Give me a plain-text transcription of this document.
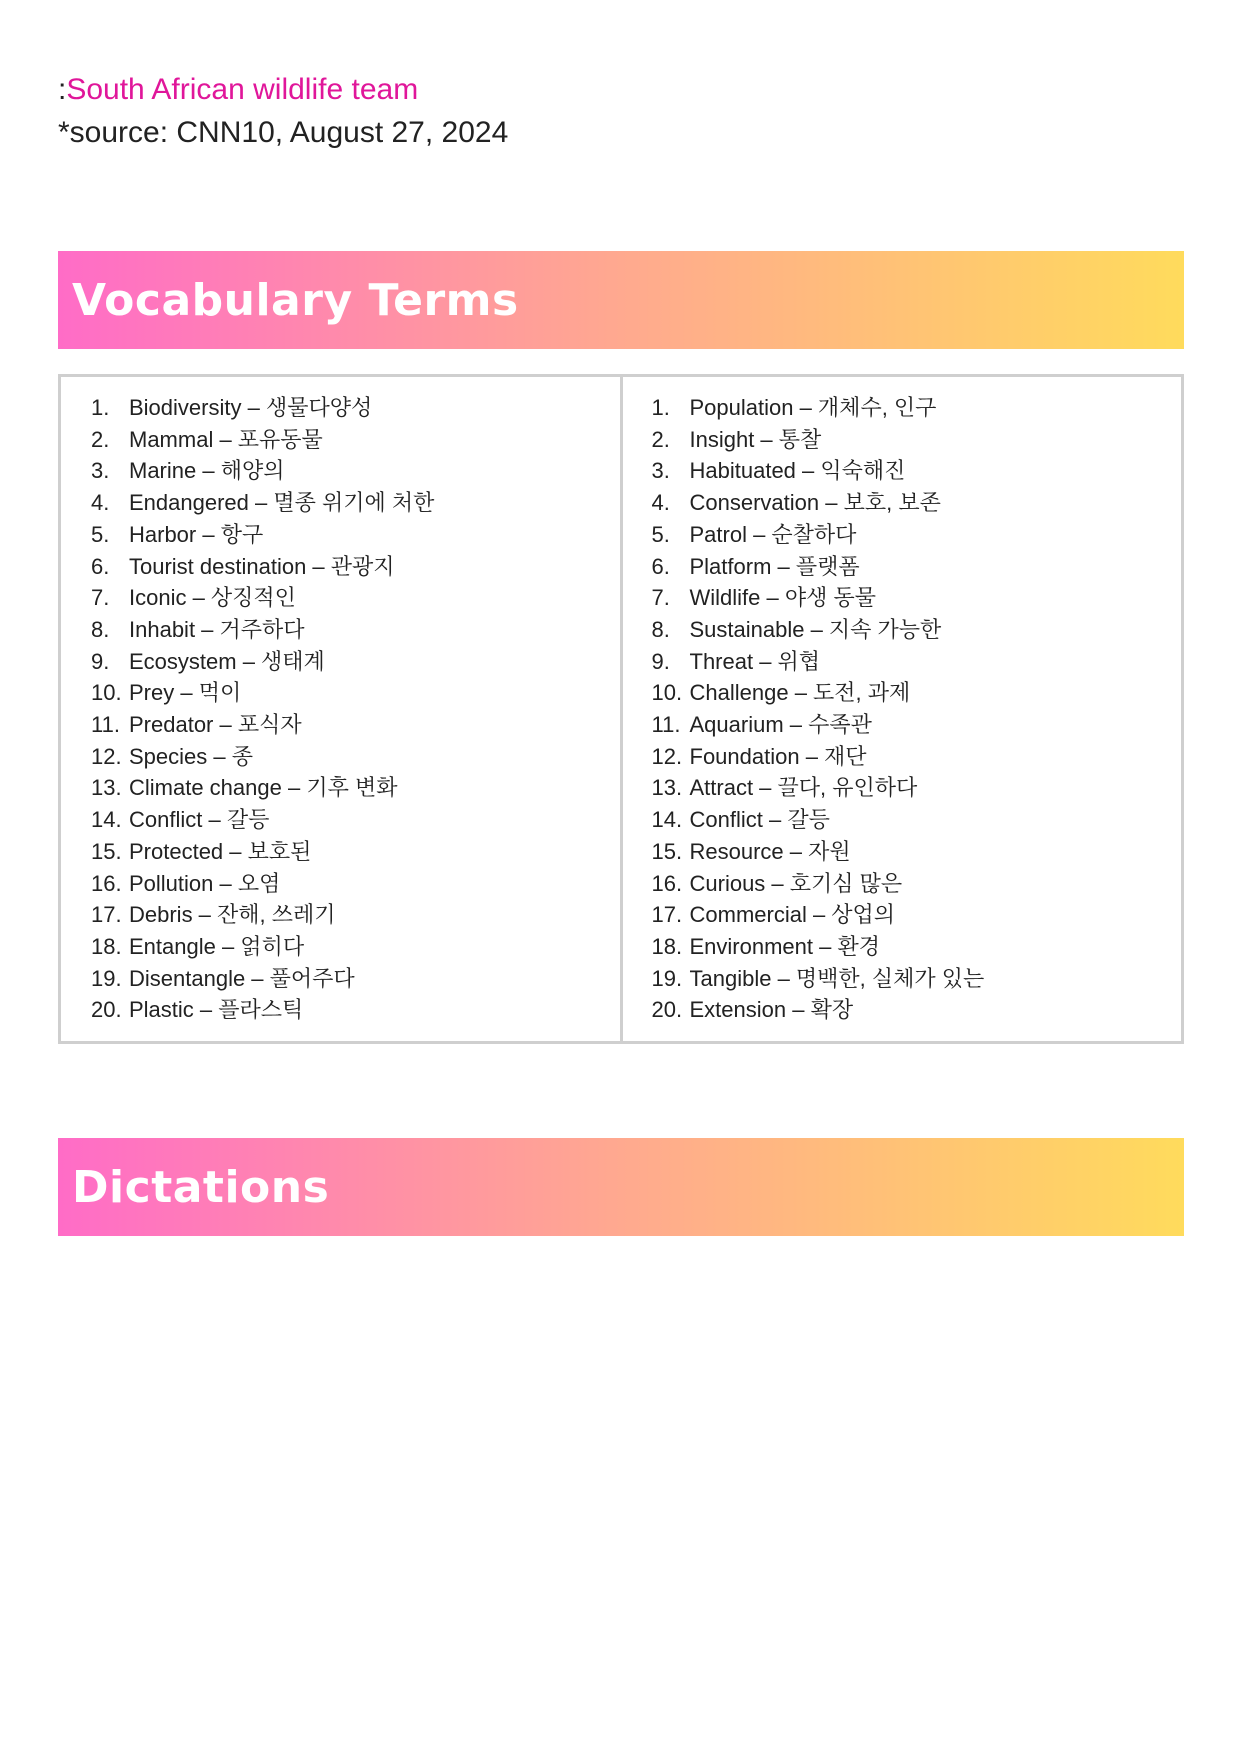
:South African wildlife team
*source: CNN10, August 27, 2024
Vocabulary Terms
1. Biodiversity – 생물다양성
2. Mammal – 포유동물
3. Marine – 해양의
4. Endangered – 멸종 위기에 처한
5. Harbor – 항구
6. Tourist destination – 관광지
7. Iconic – 상징적인
8. Inhabit – 거주하다
9. Ecosystem – 생태계
10. Prey – 먹이
11. Predator – 포식자
12. Species – 종
13. Climate change – 기후 변화
14. Conflict – 갈등
15. Protected – 보호된
16. Pollution – 오염
17. Debris – 잔해, 쓰레기
18. Entangle – 얽히다
19. Disentangle – 풀어주다
20. Plastic – 플라스틱
1. Population – 개체수, 인구
2. Insight – 통찰
3. Habituated – 익숙해진
4. Conservation – 보호, 보존
5. Patrol – 순찰하다
6. Platform – 플랫폼
7. Wildlife – 야생 동물
8. Sustainable – 지속 가능한
9. Threat – 위협
10. Challenge – 도전, 과제
11. Aquarium – 수족관
12. Foundation – 재단
13. Attract – 끌다, 유인하다
14. Conflict – 갈등
15. Resource – 자원
16. Curious – 호기심 많은
17. Commercial – 상업의
18. Environment – 환경
19. Tangible – 명백한, 실체가 있는
20. Extension – 확장
Dictations
